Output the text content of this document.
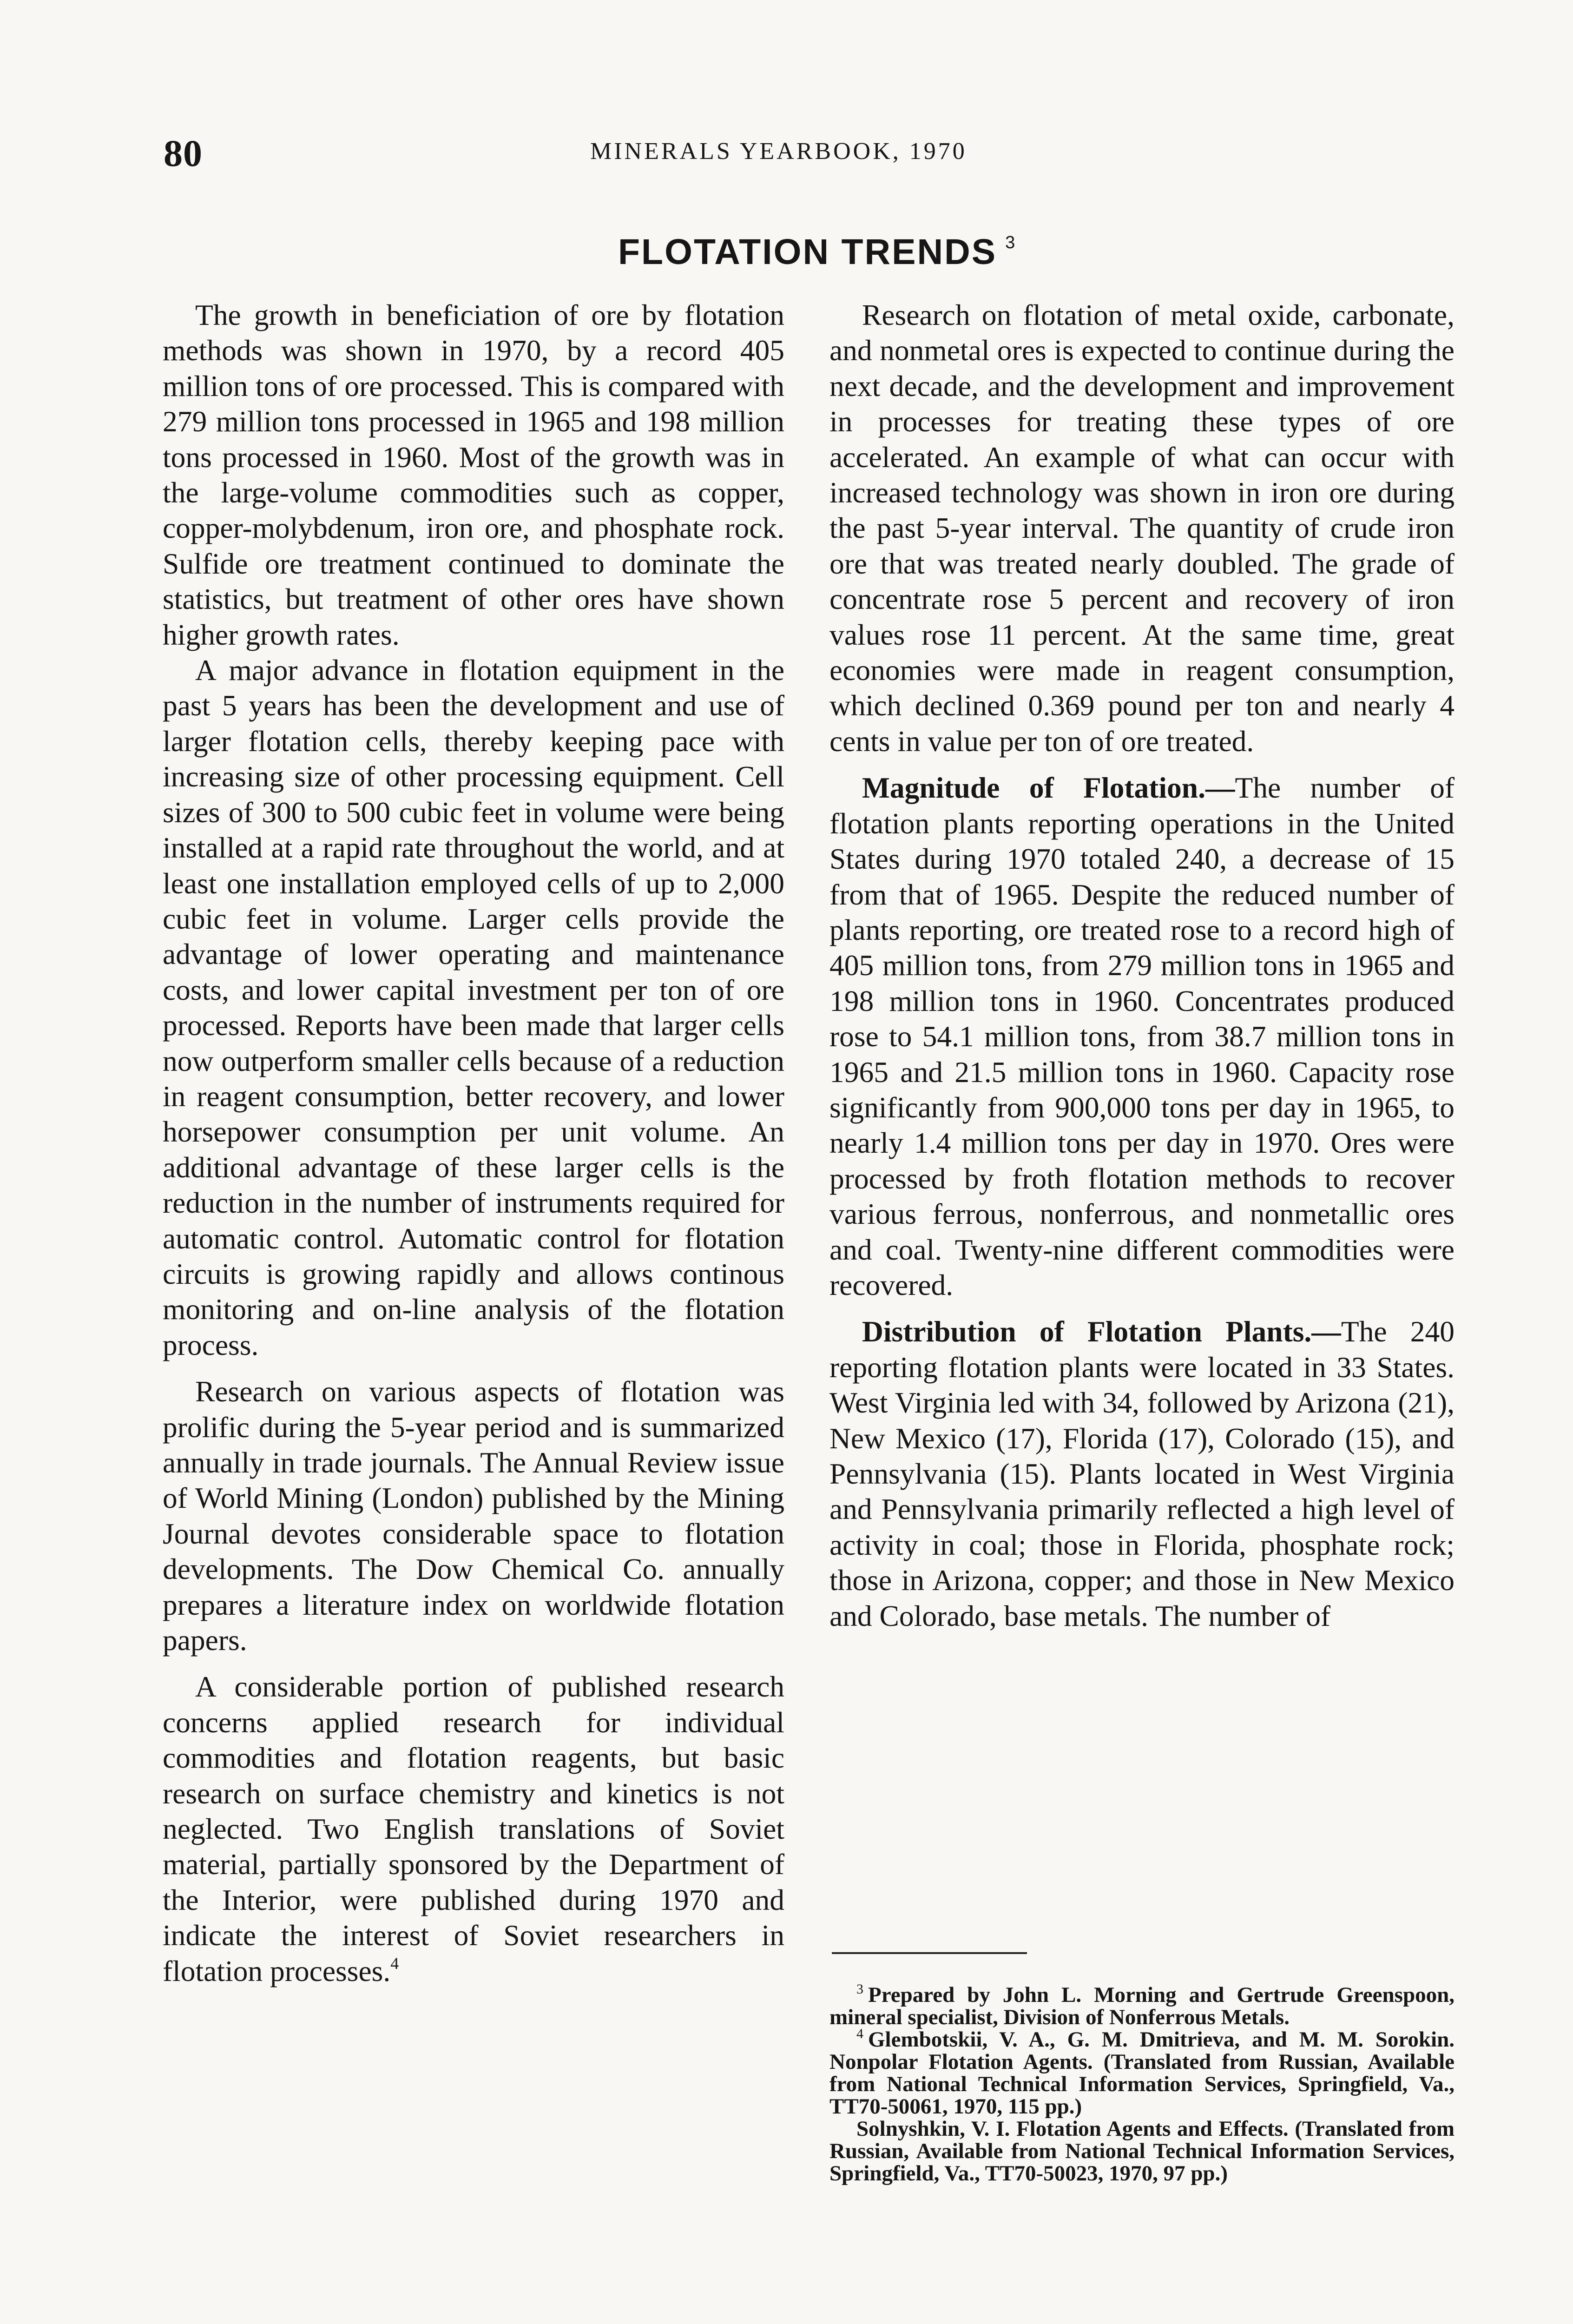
80	MINERALS YEARBOOK, 1970
FLOTATION TRENDS $^3$

The growth in beneficiation of ore by flotation methods was shown in 1970, by a record 405 million tons of ore processed. This is compared with 279 million tons processed in 1965 and 198 million tons processed in 1960. Most of the growth was in the large-volume commodities such as copper, copper-molybdenum, iron ore, and phosphate rock. Sulfide ore treatment continued to dominate the statistics, but treatment of other ores have shown higher growth rates.

A major advance in flotation equipment in the past 5 years has been the development and use of larger flotation cells, thereby keeping pace with increasing size of other processing equipment. Cell sizes of 300 to 500 cubic feet in volume were being installed at a rapid rate throughout the world, and at least one installation employed cells of up to 2,000 cubic feet in volume. Larger cells provide the advantage of lower operating and maintenance costs, and lower capital investment per ton of ore processed. Reports have been made that larger cells now outperform smaller cells because of a reduction in reagent consumption, better recovery, and lower horsepower consumption per unit volume. An additional advantage of these larger cells is the reduction in the number of instruments required for automatic control. Automatic control for flotation circuits is growing rapidly and allows continous monitoring and on-line analysis of the flotation process.

Research on various aspects of flotation was prolific during the 5-year period and is summarized annually in trade journals. The Annual Review issue of World Mining (London) published by the Mining Journal devotes considerable space to flotation developments. The Dow Chemical Co. annually prepares a literature index on worldwide flotation papers.

A considerable portion of published research concerns applied research for individual commodities and flotation reagents, but basic research on surface chemistry and kinetics is not neglected. Two English translations of Soviet material, partially sponsored by the Department of the Interior, were published during 1970 and indicate the interest of Soviet researchers in flotation processes.$^4$

Research on flotation of metal oxide, carbonate, and nonmetal ores is expected to continue during the next decade, and the development and improvement in processes for treating these types of ore accelerated. An example of what can occur with increased technology was shown in iron ore during the past 5-year interval. The quantity of crude iron ore that was treated nearly doubled. The grade of concentrate rose 5 percent and recovery of iron values rose 11 percent. At the same time, great economies were made in reagent consumption, which declined 0.369 pound per ton and nearly 4 cents in value per ton of ore treated.

Magnitude of Flotation.—The number of flotation plants reporting operations in the United States during 1970 totaled 240, a decrease of 15 from that of 1965. Despite the reduced number of plants reporting, ore treated rose to a record high of 405 million tons, from 279 million tons in 1965 and 198 million tons in 1960. Concentrates produced rose to 54.1 million tons, from 38.7 million tons in 1965 and 21.5 million tons in 1960. Capacity rose significantly from 900,000 tons per day in 1965, to nearly 1.4 million tons per day in 1970. Ores were processed by froth flotation methods to recover various ferrous, nonferrous, and nonmetallic ores and coal. Twenty-nine different commodities were recovered.

Distribution of Flotation Plants.—The 240 reporting flotation plants were located in 33 States. West Virginia led with 34, followed by Arizona (21), New Mexico (17), Florida (17), Colorado (15), and Pennsylvania (15). Plants located in West Virginia and Pennsylvania primarily reflected a high level of activity in coal; those in Florida, phosphate rock; those in Arizona, copper; and those in New Mexico and Colorado, base metals. The number of

$^3$ Prepared by John L. Morning and Gertrude Greenspoon, mineral specialist, Division of Nonferrous Metals.

$^4$ Glembotskii, V. A., G. M. Dmitrieva, and M. M. Sorokin. Nonpolar Flotation Agents. (Translated from Russian, Available from National Technical Information Services, Springfield, Va., TT70-50061, 1970, 115 pp.)

Solnyshkin, V. I. Flotation Agents and Effects. (Translated from Russian, Available from National Technical Information Services, Springfield, Va., TT70-50023, 1970, 97 pp.)
